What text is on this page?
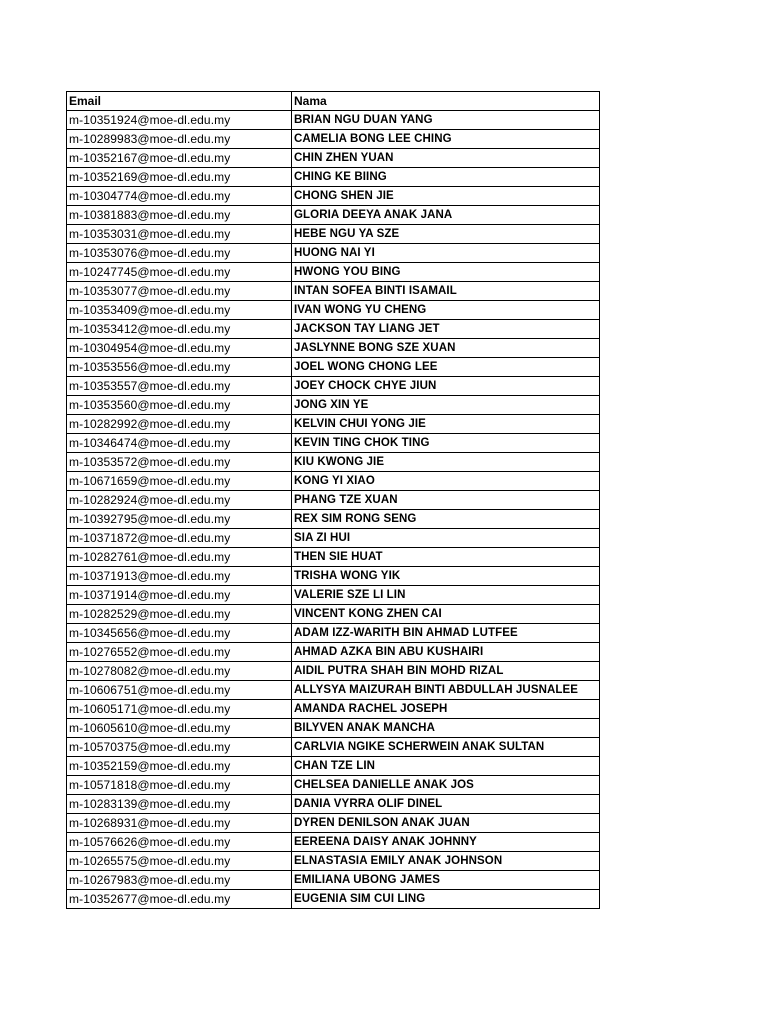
Email	Nama
m-10351924@moe-dl.edu.my	BRIAN NGU DUAN YANG
m-10289983@moe-dl.edu.my	CAMELIA BONG LEE CHING
m-10352167@moe-dl.edu.my	CHIN ZHEN YUAN
m-10352169@moe-dl.edu.my	CHING KE BIING
m-10304774@moe-dl.edu.my	CHONG SHEN JIE
m-10381883@moe-dl.edu.my	GLORIA DEEYA ANAK JANA
m-10353031@moe-dl.edu.my	HEBE NGU YA SZE
m-10353076@moe-dl.edu.my	HUONG NAI YI
m-10247745@moe-dl.edu.my	HWONG YOU BING
m-10353077@moe-dl.edu.my	INTAN SOFEA BINTI ISAMAIL
m-10353409@moe-dl.edu.my	IVAN WONG YU CHENG
m-10353412@moe-dl.edu.my	JACKSON TAY LIANG JET
m-10304954@moe-dl.edu.my	JASLYNNE BONG SZE XUAN
m-10353556@moe-dl.edu.my	JOEL WONG CHONG LEE
m-10353557@moe-dl.edu.my	JOEY CHOCK CHYE JIUN
m-10353560@moe-dl.edu.my	JONG XIN YE
m-10282992@moe-dl.edu.my	KELVIN CHUI YONG JIE
m-10346474@moe-dl.edu.my	KEVIN TING CHOK TING
m-10353572@moe-dl.edu.my	KIU KWONG JIE
m-10671659@moe-dl.edu.my	KONG YI XIAO
m-10282924@moe-dl.edu.my	PHANG TZE XUAN
m-10392795@moe-dl.edu.my	REX SIM RONG SENG
m-10371872@moe-dl.edu.my	SIA ZI HUI
m-10282761@moe-dl.edu.my	THEN SIE HUAT
m-10371913@moe-dl.edu.my	TRISHA WONG YIK
m-10371914@moe-dl.edu.my	VALERIE SZE LI LIN
m-10282529@moe-dl.edu.my	VINCENT KONG ZHEN CAI
m-10345656@moe-dl.edu.my	ADAM IZZ-WARITH BIN AHMAD LUTFEE
m-10276552@moe-dl.edu.my	AHMAD AZKA BIN ABU KUSHAIRI
m-10278082@moe-dl.edu.my	AIDIL PUTRA SHAH BIN MOHD RIZAL
m-10606751@moe-dl.edu.my	ALLYSYA MAIZURAH BINTI ABDULLAH JUSNALEE
m-10605171@moe-dl.edu.my	AMANDA RACHEL JOSEPH
m-10605610@moe-dl.edu.my	BILYVEN ANAK MANCHA
m-10570375@moe-dl.edu.my	CARLVIA NGIKE SCHERWEIN ANAK SULTAN
m-10352159@moe-dl.edu.my	CHAN TZE LIN
m-10571818@moe-dl.edu.my	CHELSEA DANIELLE ANAK JOS
m-10283139@moe-dl.edu.my	DANIA VYRRA OLIF DINEL
m-10268931@moe-dl.edu.my	DYREN DENILSON ANAK JUAN
m-10576626@moe-dl.edu.my	EEREENA DAISY ANAK JOHNNY
m-10265575@moe-dl.edu.my	ELNASTASIA EMILY ANAK JOHNSON
m-10267983@moe-dl.edu.my	EMILIANA UBONG JAMES
m-10352677@moe-dl.edu.my	EUGENIA SIM CUI LING
